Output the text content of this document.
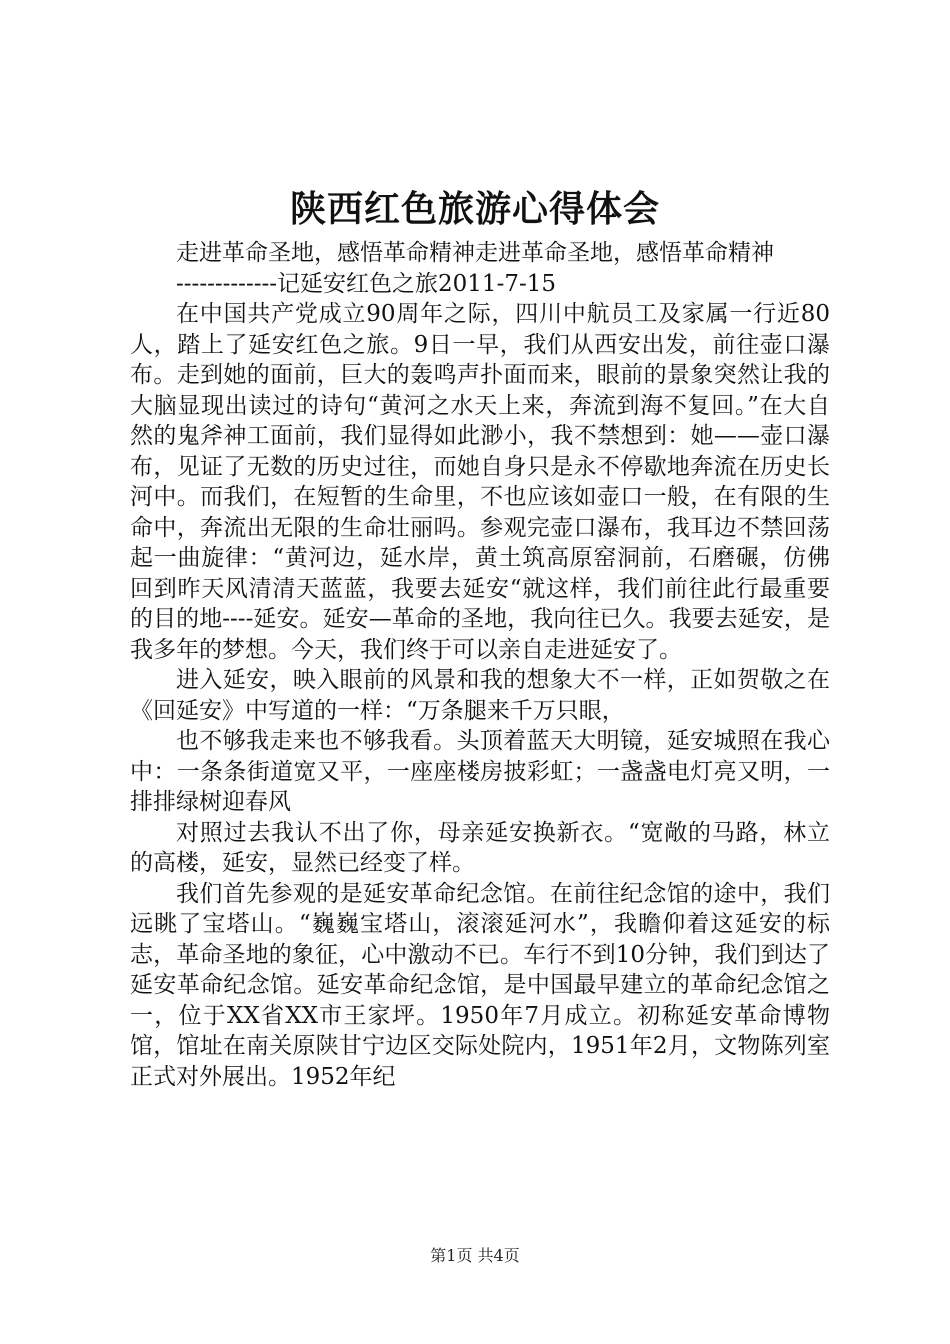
陕西红色旅游心得体会

走进革命圣地，感悟革命精神走进革命圣地，感悟革命精神

-------------记延安红色之旅2011-7-15

在中国共产党成立90周年之际，四川中航员工及家属一行近80人，踏上了延安红色之旅。9日一早，我们从西安出发，前往壶口瀑布。走到她的面前，巨大的轰鸣声扑面而来，眼前的景象突然让我的大脑显现出读过的诗句“黄河之水天上来，奔流到海不复回。”在大自然的鬼斧神工面前，我们显得如此渺小，我不禁想到：她——壶口瀑布，见证了无数的历史过往，而她自身只是永不停歇地奔流在历史长河中。而我们，在短暂的生命里，不也应该如壶口一般，在有限的生命中，奔流出无限的生命壮丽吗。参观完壶口瀑布，我耳边不禁回荡起一曲旋律：“黄河边，延水岸，黄土筑高原窑洞前，石磨碾，仿佛回到昨天风清清天蓝蓝，我要去延安“就这样，我们前往此行最重要的目的地----延安。延安—革命的圣地，我向往已久。我要去延安，是我多年的梦想。今天，我们终于可以亲自走进延安了。

进入延安，映入眼前的风景和我的想象大不一样，正如贺敬之在《回延安》中写道的一样：“万条腿来千万只眼，

也不够我走来也不够我看。头顶着蓝天大明镜，延安城照在我心中：一条条街道宽又平，一座座楼房披彩虹；一盏盏电灯亮又明，一排排绿树迎春风

对照过去我认不出了你，母亲延安换新衣。“宽敞的马路，林立的高楼，延安，显然已经变了样。

我们首先参观的是延安革命纪念馆。在前往纪念馆的途中，我们远眺了宝塔山。“巍巍宝塔山，滚滚延河水”，我瞻仰着这延安的标志，革命圣地的象征，心中激动不已。车行不到10分钟，我们到达了延安革命纪念馆。延安革命纪念馆，是中国最早建立的革命纪念馆之一，位于XX省XX市王家坪。1950年7月成立。初称延安革命博物馆，馆址在南关原陕甘宁边区交际处院内，1951年2月，文物陈列室正式对外展出。1952年纪

第1页 共4页
